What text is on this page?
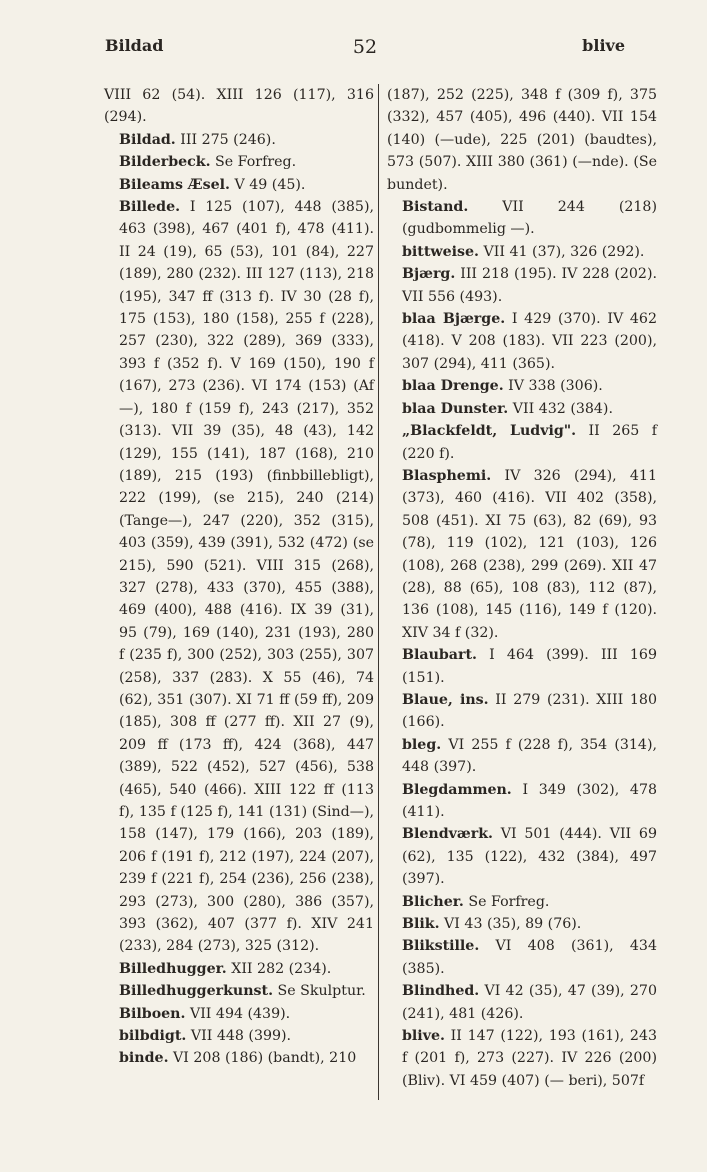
52
Bildad	blive
VIII 62 (54). XIII 126 (117), 316 (294).
Bildad. III 275 (246).
Bilderbeck. Se Forfreg.
Bileams Æsel. V 49 (45).
Billede. I 125 (107), 448 (385), 463 (398), 467 (401 f), 478 (411). II 24 (19), 65 (53), 101 (84), 227 (189), 280 (232). III 127 (113), 218 (195), 347 ff (313 f). IV 30 (28 f), 175 (153), 180 (158), 255 f (228), 257 (230), 322 (289), 369 (333), 393 f (352 f). V 169 (150), 190 f (167), 273 (236). VI 174 (153) (Af—), 180 f (159 f), 243 (217), 352 (313). VII 39 (35), 48 (43), 142 (129), 155 (141), 187 (168), 210 (189), 215 (193) (finbbillebligt), 222 (199), (se 215), 240 (214) (Tange—), 247 (220), 352 (315), 403 (359), 439 (391), 532 (472) (se 215), 590 (521). VIII 315 (268), 327 (278), 433 (370), 455 (388), 469 (400), 488 (416). IX 39 (31), 95 (79), 169 (140), 231 (193), 280 f (235 f), 300 (252), 303 (255), 307 (258), 337 (283). X 55 (46), 74 (62), 351 (307). XI 71 ff (59 ff), 209 (185), 308 ff (277 ff). XII 27 (9), 209 ff (173 ff), 424 (368), 447 (389), 522 (452), 527 (456), 538 (465), 540 (466). XIII 122 ff (113 f), 135 f (125 f), 141 (131) (Sind—), 158 (147), 179 (166), 203 (189), 206 f (191 f), 212 (197), 224 (207), 239 f (221 f), 254 (236), 256 (238), 293 (273), 300 (280), 386 (357), 393 (362), 407 (377 f). XIV 241 (233), 284 (273), 325 (312).
Billedhugger. XII 282 (234).
Billedhuggerkunst. Se Skulptur.
Bilboen. VII 494 (439).
bilbdigt. VII 448 (399).
binde. VI 208 (186) (bandt), 210
(187), 252 (225), 348 f (309 f), 375 (332), 457 (405), 496 (440). VII 154 (140) (—ude), 225 (201) (baudtes), 573 (507). XIII 380 (361) (—nde). (Se bundet).
Bistand. VII 244 (218) (gudbommelig —).
bittweise. VII 41 (37), 326 (292).
Bjærg. III 218 (195). IV 228 (202). VII 556 (493).
blaa Bjærge. I 429 (370). IV 462 (418). V 208 (183). VII 223 (200), 307 (294), 411 (365).
blaa Drenge. IV 338 (306).
blaa Dunster. VII 432 (384).
„Blackfeldt, Ludvig". II 265 f (220 f).
Blasphemi. IV 326 (294), 411 (373), 460 (416). VII 402 (358), 508 (451). XI 75 (63), 82 (69), 93 (78), 119 (102), 121 (103), 126 (108), 268 (238), 299 (269). XII 47 (28), 88 (65), 108 (83), 112 (87), 136 (108), 145 (116), 149 f (120). XIV 34 f (32).
Blaubart. I 464 (399). III 169 (151).
Blaue, ins. II 279 (231). XIII 180 (166).
bleg. VI 255 f (228 f), 354 (314), 448 (397).
Blegdammen. I 349 (302), 478 (411).
Blendværk. VI 501 (444). VII 69 (62), 135 (122), 432 (384), 497 (397).
Blicher. Se Forfreg.
Blik. VI 43 (35), 89 (76).
Blikstille. VI 408 (361), 434 (385).
Blindhed. VI 42 (35), 47 (39), 270 (241), 481 (426).
blive. II 147 (122), 193 (161), 243 f (201 f), 273 (227). IV 226 (200) (Bliv). VI 459 (407) (— beri), 507f
